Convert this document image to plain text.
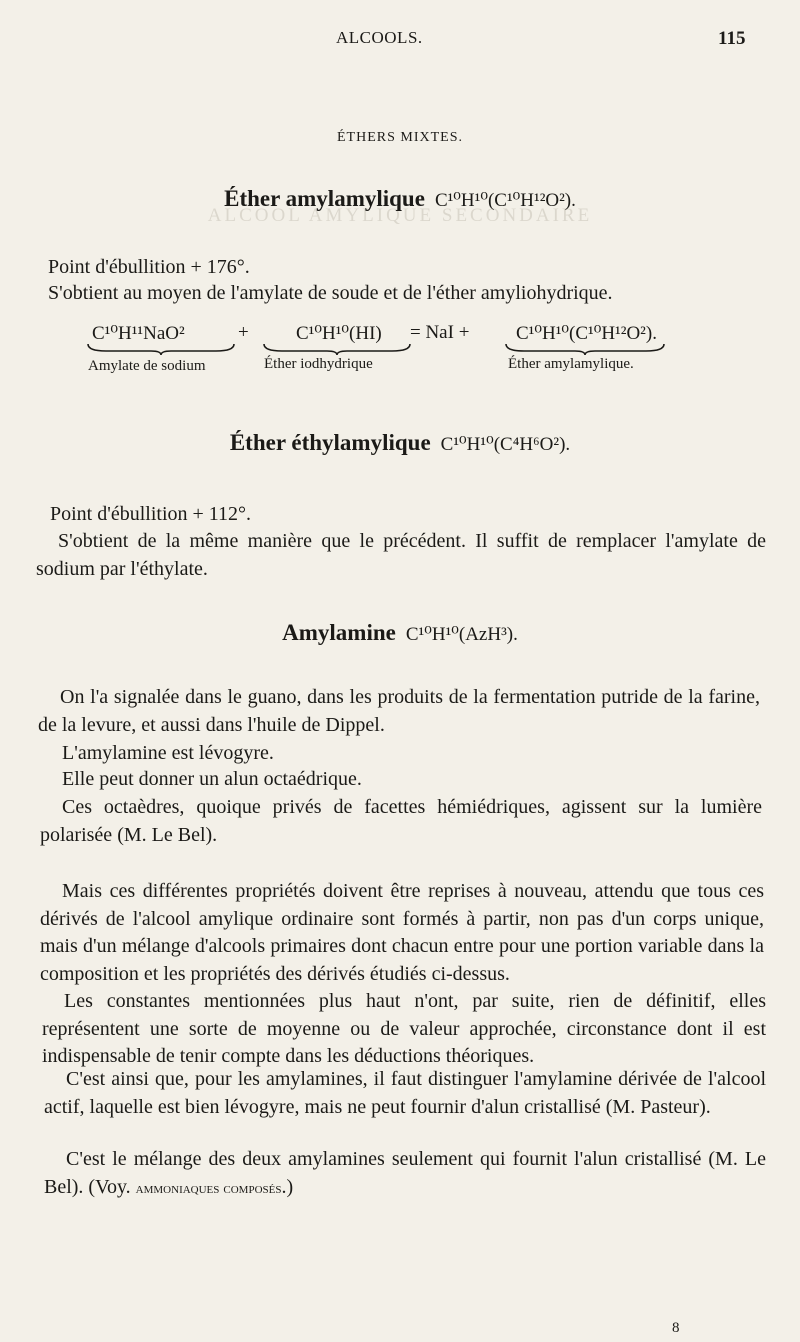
ALCOOL AMYLIQUE SECONDAIRE
ALCOOLS.	115
ÉTHERS MIXTES.
Éther amylamylique C¹⁰H¹⁰(C¹⁰H¹²O²).
Point d'ébullition + 176°.
S'obtient au moyen de l'amylate de soude et de l'éther amyliohydrique.
C¹⁰H¹¹NaO²	+ C¹⁰H¹⁰(HI) = NaI + C¹⁰H¹⁰(C¹⁰H¹²O²).
Amylate de sodium	Éther iodhydrique	Éther amylamylique.
Éther éthylamylique C¹⁰H¹⁰(C⁴H⁶O²).
Point d'ébullition + 112°.
S'obtient de la même manière que le précédent. Il suffit de remplacer l'amylate de sodium par l'éthylate.
Amylamine C¹⁰H¹⁰(AzH³).
On l'a signalée dans le guano, dans les produits de la fermentation putride de la farine, de la levure, et aussi dans l'huile de Dippel.
L'amylamine est lévogyre.
Elle peut donner un alun octaédrique.
Ces octaèdres, quoique privés de facettes hémiédriques, agissent sur la lumière polarisée (M. Le Bel).
Mais ces différentes propriétés doivent être reprises à nouveau, attendu que tous ces dérivés de l'alcool amylique ordinaire sont formés à partir, non pas d'un corps unique, mais d'un mélange d'alcools primaires dont chacun entre pour une portion variable dans la composition et les propriétés des dérivés étudiés ci-dessus.
Les constantes mentionnées plus haut n'ont, par suite, rien de définitif, elles représentent une sorte de moyenne ou de valeur approchée, circonstance dont il est indispensable de tenir compte dans les déductions théoriques.
C'est ainsi que, pour les amylamines, il faut distinguer l'amylamine dérivée de l'alcool actif, laquelle est bien lévogyre, mais ne peut fournir d'alun cristallisé (M. Pasteur).
C'est le mélange des deux amylamines seulement qui fournit l'alun cristallisé (M. Le Bel). (Voy. ammoniaques composés.)
8
